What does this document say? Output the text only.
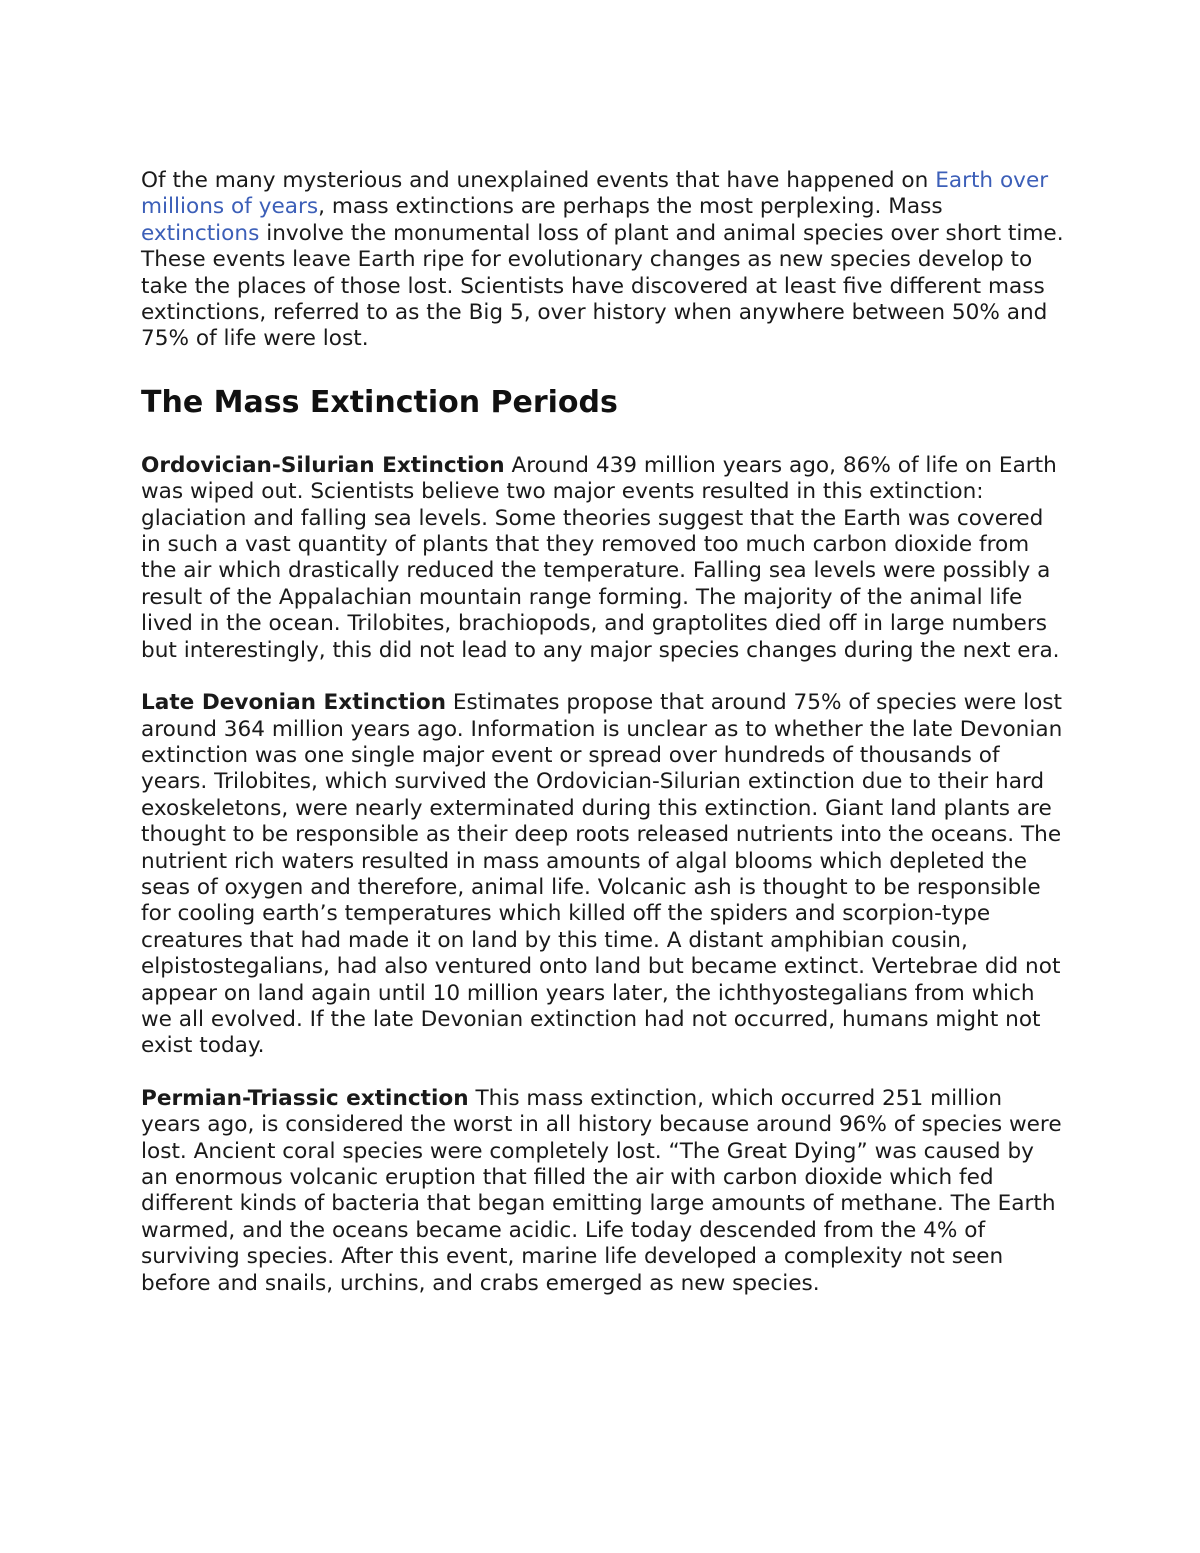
Of the many mysterious and unexplained events that have happened on Earth over millions of years, mass extinctions are perhaps the most perplexing. Mass extinctions involve the monumental loss of plant and animal species over short time. These events leave Earth ripe for evolutionary changes as new species develop to take the places of those lost. Scientists have discovered at least five different mass extinctions, referred to as the Big 5, over history when anywhere between 50% and 75% of life were lost.

The Mass Extinction Periods

Ordovician-Silurian Extinction Around 439 million years ago, 86% of life on Earth was wiped out. Scientists believe two major events resulted in this extinction: glaciation and falling sea levels. Some theories suggest that the Earth was covered in such a vast quantity of plants that they removed too much carbon dioxide from the air which drastically reduced the temperature. Falling sea levels were possibly a result of the Appalachian mountain range forming. The majority of the animal life lived in the ocean. Trilobites, brachiopods, and graptolites died off in large numbers but interestingly, this did not lead to any major species changes during the next era.

Late Devonian Extinction Estimates propose that around 75% of species were lost around 364 million years ago. Information is unclear as to whether the late Devonian extinction was one single major event or spread over hundreds of thousands of years. Trilobites, which survived the Ordovician-Silurian extinction due to their hard exoskeletons, were nearly exterminated during this extinction. Giant land plants are thought to be responsible as their deep roots released nutrients into the oceans. The nutrient rich waters resulted in mass amounts of algal blooms which depleted the seas of oxygen and therefore, animal life. Volcanic ash is thought to be responsible for cooling earth’s temperatures which killed off the spiders and scorpion-type creatures that had made it on land by this time. A distant amphibian cousin, elpistostegalians, had also ventured onto land but became extinct. Vertebrae did not appear on land again until 10 million years later, the ichthyostegalians from which we all evolved. If the late Devonian extinction had not occurred, humans might not exist today.

Permian-Triassic extinction This mass extinction, which occurred 251 million years ago, is considered the worst in all history because around 96% of species were lost. Ancient coral species were completely lost. “The Great Dying” was caused by an enormous volcanic eruption that filled the air with carbon dioxide which fed different kinds of bacteria that began emitting large amounts of methane. The Earth warmed, and the oceans became acidic. Life today descended from the 4% of surviving species. After this event, marine life developed a complexity not seen before and snails, urchins, and crabs emerged as new species.
